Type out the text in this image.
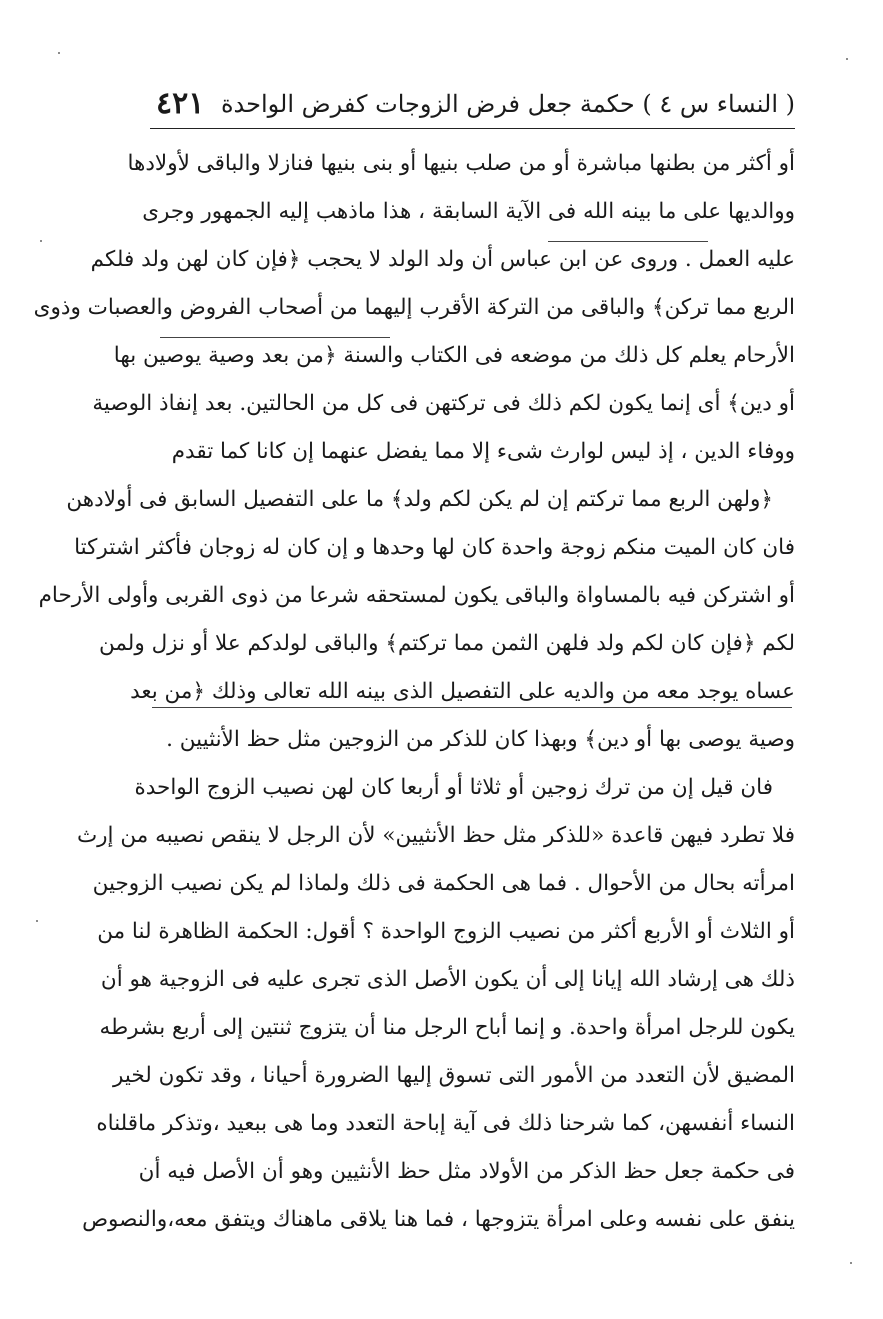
( النساء س ٤ ) حكمة جعل فرض الزوجات كفرض الواحدة
٤٢١
أو أكثر من بطنها مباشرة أو من صلب بنيها أو بنى بنيها فنازلا والباقى لأولادها
ووالديها على ما بينه الله فى الآية السابقة ، هذا ماذهب إليه الجمهور وجرى
عليه العمل . وروى عن ابن عباس أن ولد الولد لا يحجب ﴿فإن كان لهن ولد فلكم
الربع مما تركن﴾ والباقى من التركة الأقرب إليهما من أصحاب الفروض والعصبات وذوى
الأرحام يعلم كل ذلك من موضعه فى الكتاب والسنة ﴿من بعد وصية يوصين بها
أو دين﴾ أى إنما يكون لكم ذلك فى تركتهن فى كل من الحالتين. بعد إنفاذ الوصية
ووفاء الدين ، إذ ليس لوارث شىء إلا مما يفضل عنهما إن كانا كما تقدم
﴿ولهن الربع مما تركتم إن لم يكن لكم ولد﴾ ما على التفصيل السابق فى أولادهن
فان كان الميت منكم زوجة واحدة كان لها وحدها و إن كان له زوجان فأكثر اشتركتا
أو اشتركن فيه بالمساواة والباقى يكون لمستحقه شرعا من ذوى القربى وأولى الأرحام
لكم ﴿فإن كان لكم ولد فلهن الثمن مما تركتم﴾ والباقى لولدكم علا أو نزل ولمن
عساه يوجد معه من والديه على التفصيل الذى بينه الله تعالى وذلك ﴿من بعد
وصية يوصى بها أو دين﴾ وبهذا كان للذكر من الزوجين مثل حظ الأنثيين .
فان قيل إن من ترك زوجين أو ثلاثا أو أربعا كان لهن نصيب الزوج الواحدة
فلا تطرد فيهن قاعدة «للذكر مثل حظ الأنثيين» لأن الرجل لا ينقص نصيبه من إرث
امرأته بحال من الأحوال . فما هى الحكمة فى ذلك ولماذا لم يكن نصيب الزوجين
أو الثلاث أو الأربع أكثر من نصيب الزوج الواحدة ؟ أقول: الحكمة الظاهرة لنا من
ذلك هى إرشاد الله إيانا إلى أن يكون الأصل الذى تجرى عليه فى الزوجية هو أن
يكون للرجل امرأة واحدة. و إنما أباح الرجل منا أن يتزوج ثنتين إلى أربع بشرطه
المضيق لأن التعدد من الأمور التى تسوق إليها الضرورة أحيانا ، وقد تكون لخير
النساء أنفسهن، كما شرحنا ذلك فى آية إباحة التعدد وما هى ببعيد ،وتذكر ماقلناه
فى حكمة جعل حظ الذكر من الأولاد مثل حظ الأنثيين وهو أن الأصل فيه أن
ينفق على نفسه وعلى امرأة يتزوجها ، فما هنا يلاقى ماهناك ويتفق معه،والنصوص
